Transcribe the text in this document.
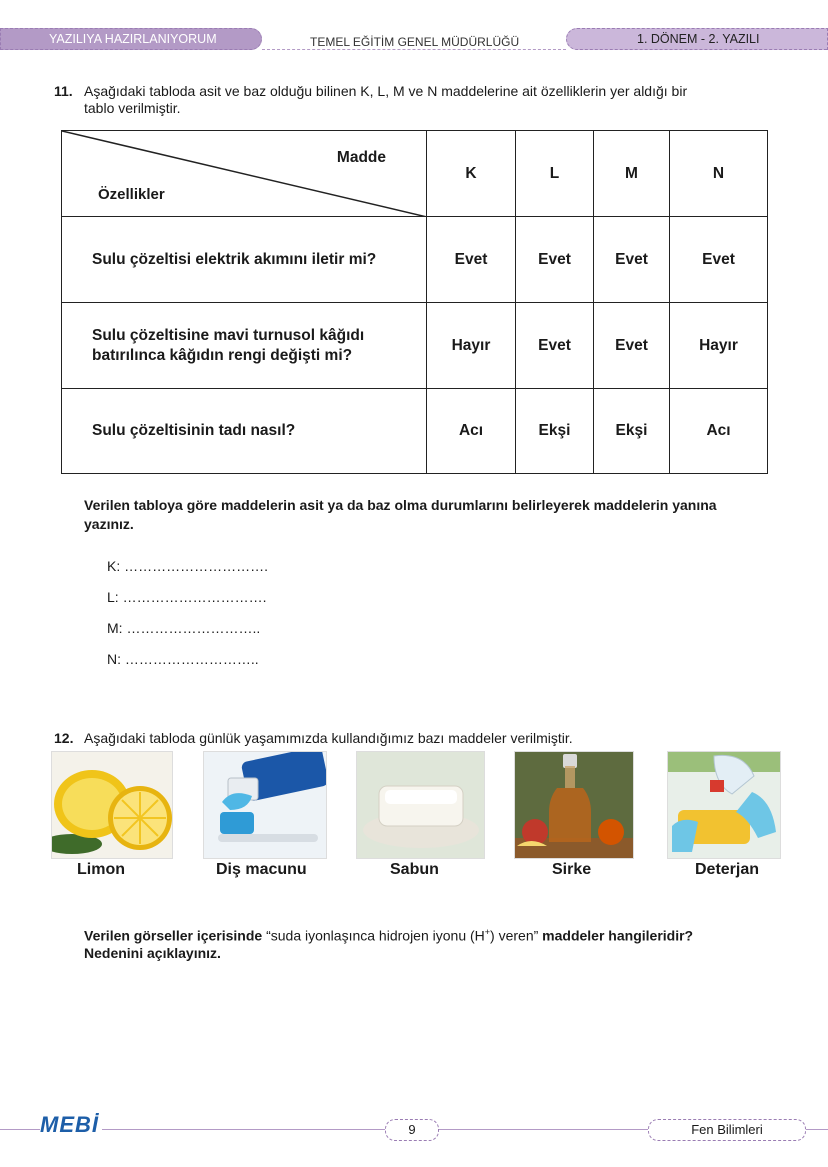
YAZILIYA HAZIRLANIYORUM	TEMEL EĞİTİM GENEL MÜDÜRLÜĞÜ	1. DÖNEM - 2. YAZILI
11. Aşağıdaki tabloda asit ve baz olduğu bilinen K, L, M ve N maddelerine ait özelliklerin yer aldığı bir
tablo verilmiştir.
Madde
Özellikler	K	L	M	N
Sulu çözeltisi elektrik akımını iletir mi?	Evet	Evet	Evet	Evet

Sulu çözeltisine mavi turnusol kâğıdı
batırılınca kâğıdın rengi değişti mi?	Hayır	Evet	Evet	Hayır
Sulu çözeltisinin tadı nasıl?	Acı	Ekşi	Ekşi	Acı
Verilen tabloya göre maddelerin asit ya da baz olma durumlarını belirleyerek maddelerin yanına
yazınız.
K: ………………………….
L: ………………………….
M: ………………………..
N: ………………………..
12. Aşağıdaki tabloda günlük yaşamımızda kullandığımız bazı maddeler verilmiştir.
Limon	Diş macunu	Sabun	Sirke	Deterjan
Verilen görseller içerisinde “suda iyonlaşınca hidrojen iyonu (H+) veren” maddeler hangileridir?
Nedenini açıklayınız.
MEBİ	9	Fen Bilimleri
